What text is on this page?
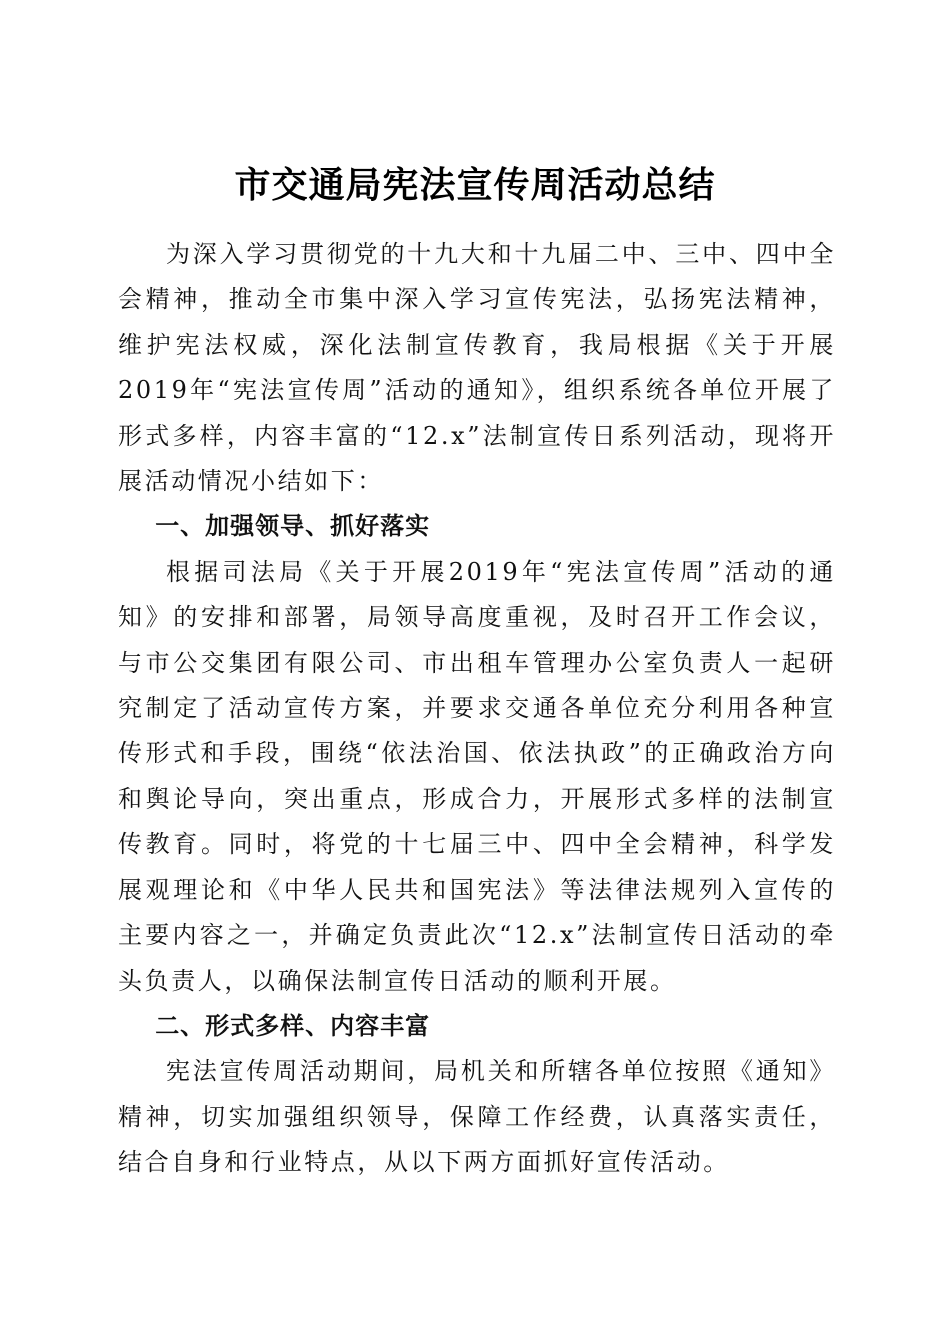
市交通局宪法宣传周活动总结

为深入学习贯彻党的十九大和十九届二中、三中、四中全会精神，推动全市集中深入学习宣传宪法，弘扬宪法精神，维护宪法权威，深化法制宣传教育，我局根据《关于开展2019年“宪法宣传周”活动的通知》，组织系统各单位开展了形式多样，内容丰富的“12.x”法制宣传日系列活动，现将开展活动情况小结如下：

一、加强领导、抓好落实

根据司法局《关于开展2019年“宪法宣传周”活动的通知》的安排和部署，局领导高度重视，及时召开工作会议，与市公交集团有限公司、市出租车管理办公室负责人一起研究制定了活动宣传方案，并要求交通各单位充分利用各种宣传形式和手段，围绕“依法治国、依法执政”的正确政治方向和舆论导向，突出重点，形成合力，开展形式多样的法制宣传教育。同时，将党的十七届三中、四中全会精神，科学发展观理论和《中华人民共和国宪法》等法律法规列入宣传的主要内容之一，并确定负责此次“12.x”法制宣传日活动的牵头负责人，以确保法制宣传日活动的顺利开展。

二、形式多样、内容丰富

宪法宣传周活动期间，局机关和所辖各单位按照《通知》精神，切实加强组织领导，保障工作经费，认真落实责任，结合自身和行业特点，从以下两方面抓好宣传活动。
